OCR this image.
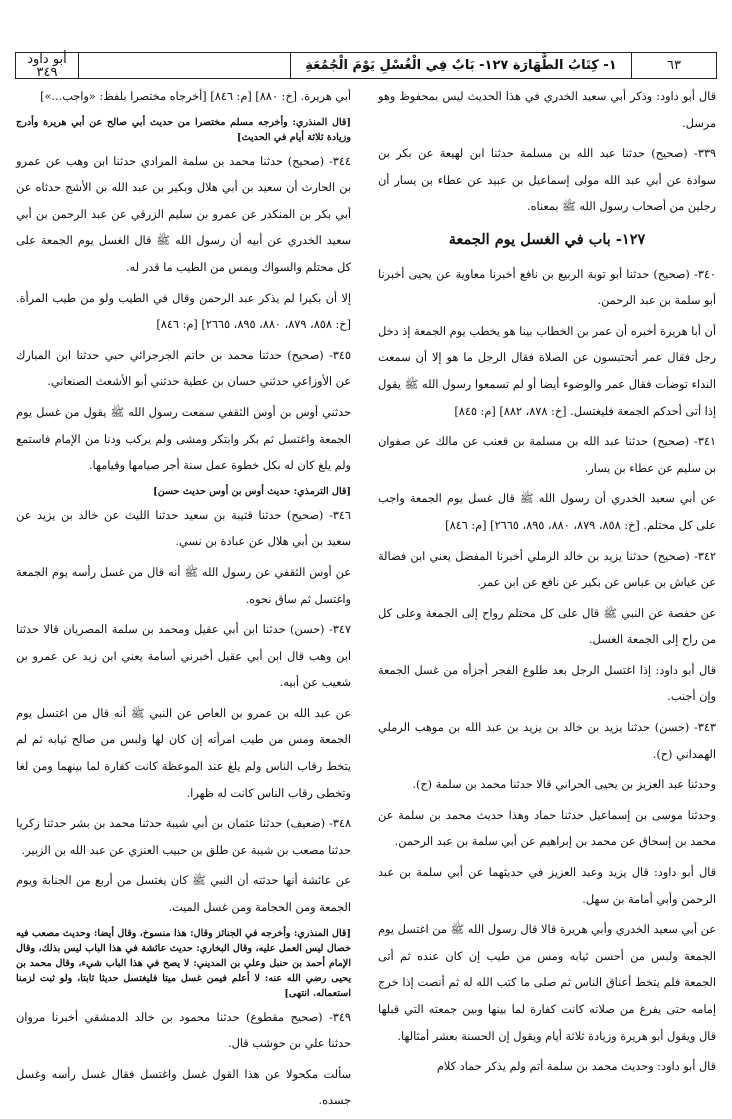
٦٣
١- كِتَابُ الطَّهَارَة ١٢٧- بَابٌ فِي الْغُسْلِ يَوْمَ الْجُمُعَةِ
أبو داود
٣٤٩

قال أبو داود: وذكر أبي سعيد الخدري في هذا الحديث ليس بمحفوظ وهو مرسل.

٣٣٩- (صحيح) حدثنا عبد الله بن مسلمة حدثنا ابن لهيعة عن بكر بن سوادة عن أبي عبد الله مولى إسماعيل بن عبيد عن عطاء بن يسار أن رجلين من أصحاب رسول الله ﷺ بمعناه.

١٢٧- باب في الغسل يوم الجمعة

٣٤٠- (صحيح) حدثنا أبو توبة الربيع بن نافع أخبرنا معاوية عن يحيى أخبرنا أبو سلمة بن عبد الرحمن.

أن أبا هريرة أخبره أن عمر بن الخطاب بينا هو يخطب يوم الجمعة إذ دخل رجل فقال عمر أتحتبسون عن الصلاة فقال الرجل ما هو إلا أن سمعت النداء توضأت فقال عمر والوضوء أيضا أو لم تسمعوا رسول الله ﷺ يقول إذا أتى أحدكم الجمعة فليغتسل. [خ: ٨٧٨، ٨٨٢] [م: ٨٤٥]

٣٤١- (صحيح) حدثنا عبد الله بن مسلمة بن قعنب عن مالك عن صفوان بن سليم عن عطاء بن يسار.

عن أبي سعيد الخدري أن رسول الله ﷺ قال غسل يوم الجمعة واجب على كل محتلم. [خ: ٨٥٨، ٨٧٩، ٨٨٠، ٨٩٥، ٢٦٦٥] [م: ٨٤٦]

٣٤٢- (صحيح) حدثنا يزيد بن خالد الرملي أخبرنا المفضل يعني ابن فضالة عن عياش بن عباس عن بكير عن نافع عن ابن عمر.

عن حفصة عن النبي ﷺ قال على كل محتلم رواح إلى الجمعة وعلى كل من راح إلى الجمعة الغسل.

قال أبو داود: إذا اغتسل الرجل بعد طلوع الفجر أجزأه من غسل الجمعة وإن أجنب.

٣٤٣- (حسن) حدثنا يزيد بن خالد بن يزيد بن عبد الله بن موهب الرملي الهمداني (ح).

وحدثنا عبد العزيز بن يحيى الحراني قالا حدثنا محمد بن سلمة (ح).

وحدثنا موسى بن إسماعيل حدثنا حماد وهذا حديث محمد بن سلمة عن محمد بن إسحاق عن محمد بن إبراهيم عن أبي سلمة بن عبد الرحمن.

قال أبو داود: قال يزيد وعبد العزيز في حديثهما عن أبي سلمة بن عبد الرحمن وأبي أمامة بن سهل.

عن أبي سعيد الخدري وأبي هريرة قالا قال رسول الله ﷺ من اغتسل يوم الجمعة ولبس من أحسن ثيابه ومس من طيب إن كان عنده ثم أتى الجمعة فلم يتخط أعناق الناس ثم صلى ما كتب الله له ثم أنصت إذا خرج إمامه حتى يفرغ من صلاته كانت كفارة لما بينها وبين جمعته التي قبلها قال ويقول أبو هريرة وزيادة ثلاثة أيام ويقول إن الحسنة بعشر أمثالها.

قال أبو داود: وحديث محمد بن سلمة أتم ولم يذكر حماد كلام

أبي هريرة. [خ: ٨٨٠] [م: ٨٤٦] [أخرجاه مختصرا بلفظ: «واجب...»]

[قال المنذري: وأخرجه مسلم مختصرا من حديث أبي صالح عن أبي هريرة وأدرج وزيادة ثلاثة أيام في الحديث]

٣٤٤- (صحيح) حدثنا محمد بن سلمة المرادي حدثنا ابن وهب عن عمرو بن الحارث أن سعيد بن أبي هلال وبكير بن عبد الله بن الأشج حدثاه عن أبي بكر بن المنكدر عن عمرو بن سليم الزرقي عن عبد الرحمن بن أبي سعيد الخدري عن أبيه أن رسول الله ﷺ قال الغسل يوم الجمعة على كل محتلم والسواك ويمس من الطيب ما قدر له.

إلا أن بكيرا لم يذكر عبد الرحمن وقال في الطيب ولو من طيب المرأة. [خ: ٨٥٨، ٨٧٩، ٨٨٠، ٨٩٥، ٢٦٦٥] [م: ٨٤٦]

٣٤٥- (صحيح) حدثنا محمد بن حاتم الجرجرائي حبي حدثنا ابن المبارك عن الأوزاعي حدثني حسان بن عطية حدثني أبو الأشعث الصنعاني.

حدثني أوس بن أوس الثقفي سمعت رسول الله ﷺ يقول من غسل يوم الجمعة واغتسل ثم بكر وابتكر ومشى ولم يركب ودنا من الإمام فاستمع ولم يلغ كان له بكل خطوة عمل سنة أجر صيامها وقيامها.

[قال الترمذي: حديث أوس بن أوس حديث حسن]

٣٤٦- (صحيح) حدثنا قتيبة بن سعيد حدثنا الليث عن خالد بن يزيد عن سعيد بن أبي هلال عن عبادة بن نسي.

عن أوس الثقفي عن رسول الله ﷺ أنه قال من غسل رأسه يوم الجمعة واغتسل ثم ساق نحوه.

٣٤٧- (حسن) حدثنا ابن أبي عقيل ومحمد بن سلمة المصريان قالا حدثنا ابن وهب قال ابن أبي عقيل أخبرني أسامة يعني ابن زيد عن عمرو بن شعيب عن أبيه.

عن عبد الله بن عمرو بن العاص عن النبي ﷺ أنه قال من اغتسل يوم الجمعة ومس من طيب امرأته إن كان لها ولبس من صالح ثيابه ثم لم يتخط رقاب الناس ولم يلغ عند الموعظة كانت كفارة لما بينهما ومن لغا وتخطى رقاب الناس كانت له ظهرا.

٣٤٨- (ضعيف) حدثنا عثمان بن أبي شيبة حدثنا محمد بن بشر حدثنا زكريا حدثنا مصعب بن شيبة عن طلق بن حبيب العنزي عن عبد الله بن الزبير.

عن عائشة أنها حدثته أن النبي ﷺ كان يغتسل من أربع من الجنابة ويوم الجمعة ومن الحجامة ومن غسل الميت.

[قال المنذري: وأخرجه في الجنائز وقال: هذا منسوخ، وقال أيضا: وحديث مصعب فيه خصال ليس العمل عليه، وقال البخاري: حديث عائشة في هذا الباب ليس بذلك، وقال الإمام أحمد بن حنبل وعلي بن المديني: لا يصح في هذا الباب شيء، وقال محمد بن يحيى رضي الله عنه: لا أعلم فيمن غسل ميتا فليغتسل حديثا ثابتا، ولو ثبت لزمنا استعماله. انتهى]

٣٤٩- (صحيح مقطوع) حدثنا محمود بن خالد الدمشقي أخبرنا مروان حدثنا علي بن حوشب قال.

سألت مكحولا عن هذا القول غسل واغتسل فقال غسل رأسه وغسل جسده.
